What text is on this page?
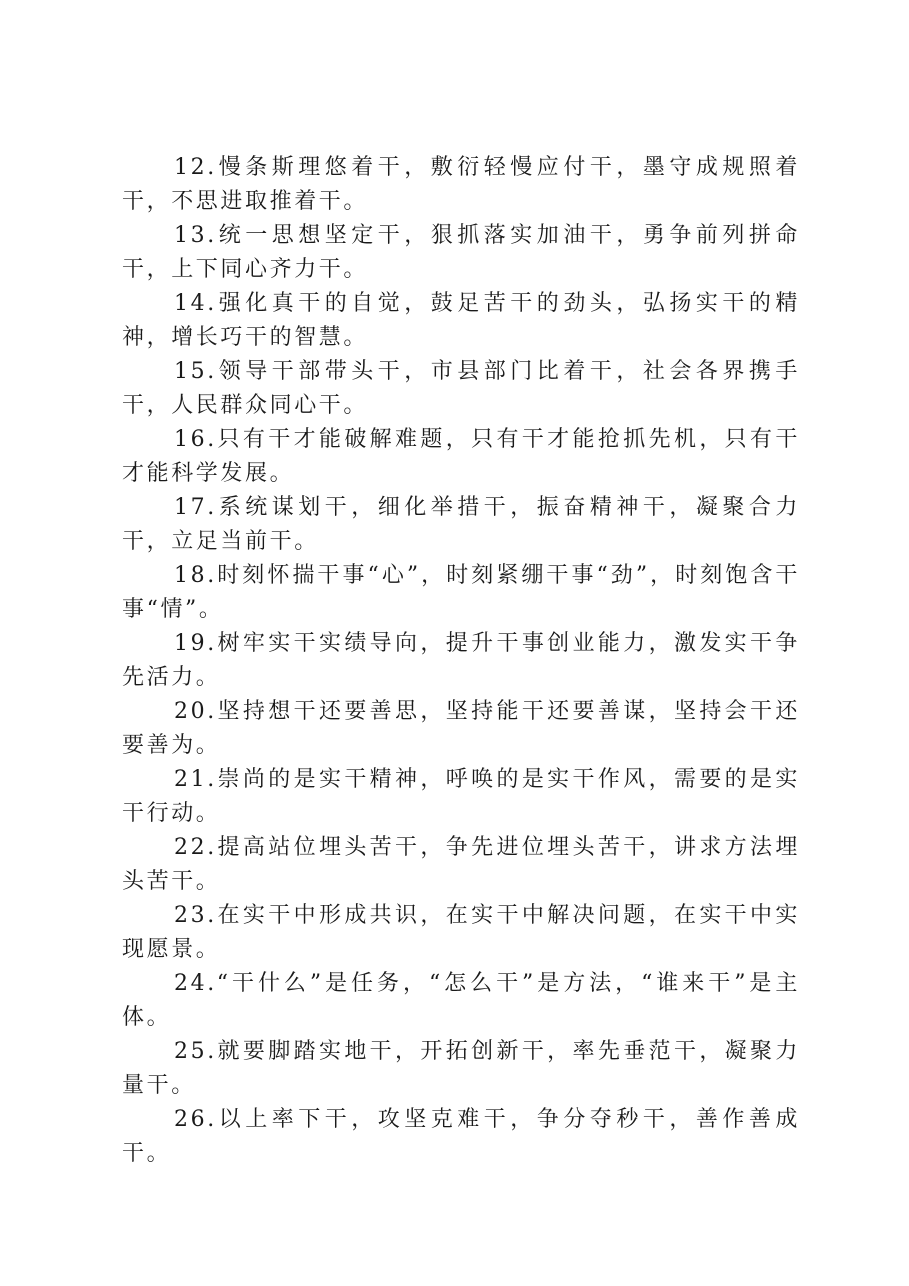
12.慢条斯理悠着干，敷衍轻慢应付干，墨守成规照着干，不思进取推着干。

13.统一思想坚定干，狠抓落实加油干，勇争前列拼命干，上下同心齐力干。

14.强化真干的自觉，鼓足苦干的劲头，弘扬实干的精神，增长巧干的智慧。

15.领导干部带头干，市县部门比着干，社会各界携手干，人民群众同心干。

16.只有干才能破解难题，只有干才能抢抓先机，只有干才能科学发展。

17.系统谋划干，细化举措干，振奋精神干，凝聚合力干，立足当前干。

18.时刻怀揣干事“心”，时刻紧绷干事“劲”，时刻饱含干事“情”。

19.树牢实干实绩导向，提升干事创业能力，激发实干争先活力。

20.坚持想干还要善思，坚持能干还要善谋，坚持会干还要善为。

21.崇尚的是实干精神，呼唤的是实干作风，需要的是实干行动。

22.提高站位埋头苦干，争先进位埋头苦干，讲求方法埋头苦干。

23.在实干中形成共识，在实干中解决问题，在实干中实现愿景。

24.“干什么”是任务，“怎么干”是方法，“谁来干”是主体。

25.就要脚踏实地干，开拓创新干，率先垂范干，凝聚力量干。

26.以上率下干，攻坚克难干，争分夺秒干，善作善成干。
